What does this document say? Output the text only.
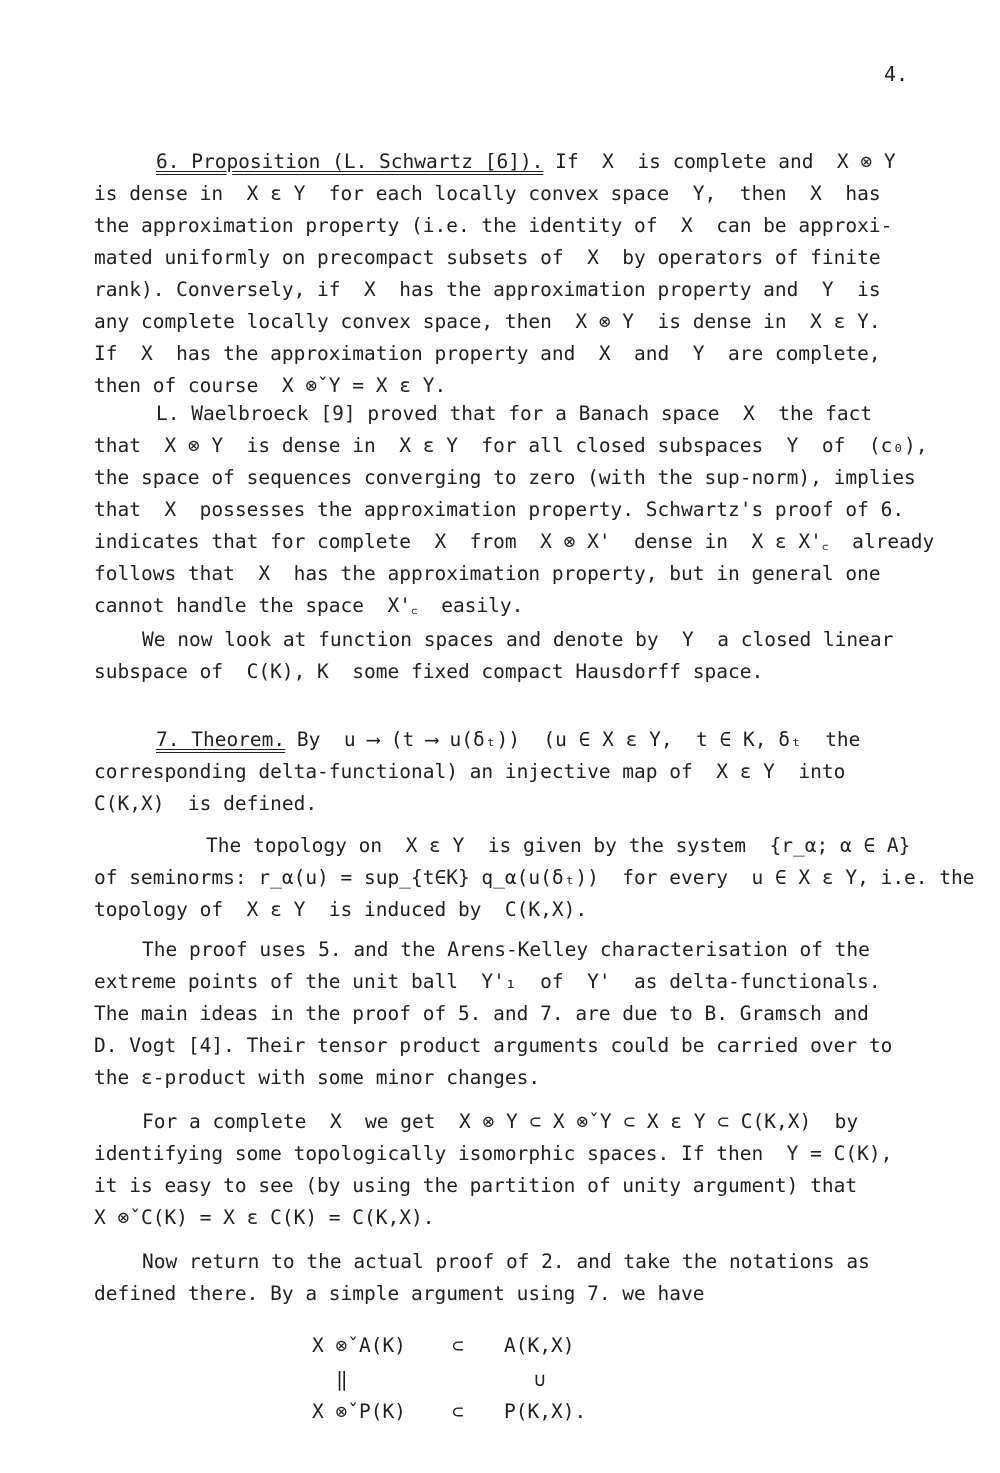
4.
6. Proposition (L. Schwartz [6]). If  X  is complete and  X ⊗ Y
is dense in  X ε Y  for each locally convex space  Y,  then  X  has
the approximation property (i.e. the identity of  X  can be approxi-
mated uniformly on precompact subsets of  X  by operators of finite
rank). Conversely, if  X  has the approximation property and  Y  is
any complete locally convex space, then  X ⊗ Y  is dense in  X ε Y.
If  X  has the approximation property and  X  and  Y  are complete,
then of course  X ⊗̌ Y = X ε Y.
L. Waelbroeck [9] proved that for a Banach space  X  the fact
that  X ⊗ Y  is dense in  X ε Y  for all closed subspaces  Y  of  (c₀),
the space of sequences converging to zero (with the sup-norm), implies
that  X  possesses the approximation property. Schwartz's proof of 6.
indicates that for complete  X  from  X ⊗ X'  dense in  X ε X'꜀  already
follows that  X  has the approximation property, but in general one
cannot handle the space  X'꜀  easily.
We now look at function spaces and denote by  Y  a closed linear
subspace of  C(K), K  some fixed compact Hausdorff space.
7. Theorem. By  u ⟶ (t ⟶ u(δₜ))  (u ∈ X ε Y,  t ∈ K, δₜ  the
corresponding delta-functional) an injective map of  X ε Y  into
C(K,X)  is defined.
The topology on  X ε Y  is given by the system  {r_α; α ∈ A}
of seminorms: r_α(u) = sup_{t∈K} q_α(u(δₜ))  for every  u ∈ X ε Y, i.e. the
topology of  X ε Y  is induced by  C(K,X).
The proof uses 5. and the Arens-Kelley characterisation of the
extreme points of the unit ball  Y'₁  of  Y'  as delta-functionals.
The main ideas in the proof of 5. and 7. are due to B. Gramsch and
D. Vogt [4]. Their tensor product arguments could be carried over to
the ε-product with some minor changes.
For a complete  X  we get  X ⊗ Y ⊂ X ⊗̌ Y ⊂ X ε Y ⊂ C(K,X)  by
identifying some topologically isomorphic spaces. If then  Y = C(K),
it is easy to see (by using the partition of unity argument) that
X ⊗̌ C(K) = X ε C(K) = C(K,X).
Now return to the actual proof of 2. and take the notations as
defined there. By a simple argument using 7. we have
X ⊗̌ A(K) ⊂ A(K,X)
‖	∪
X ⊗̌ P(K) ⊂ P(K,X).
